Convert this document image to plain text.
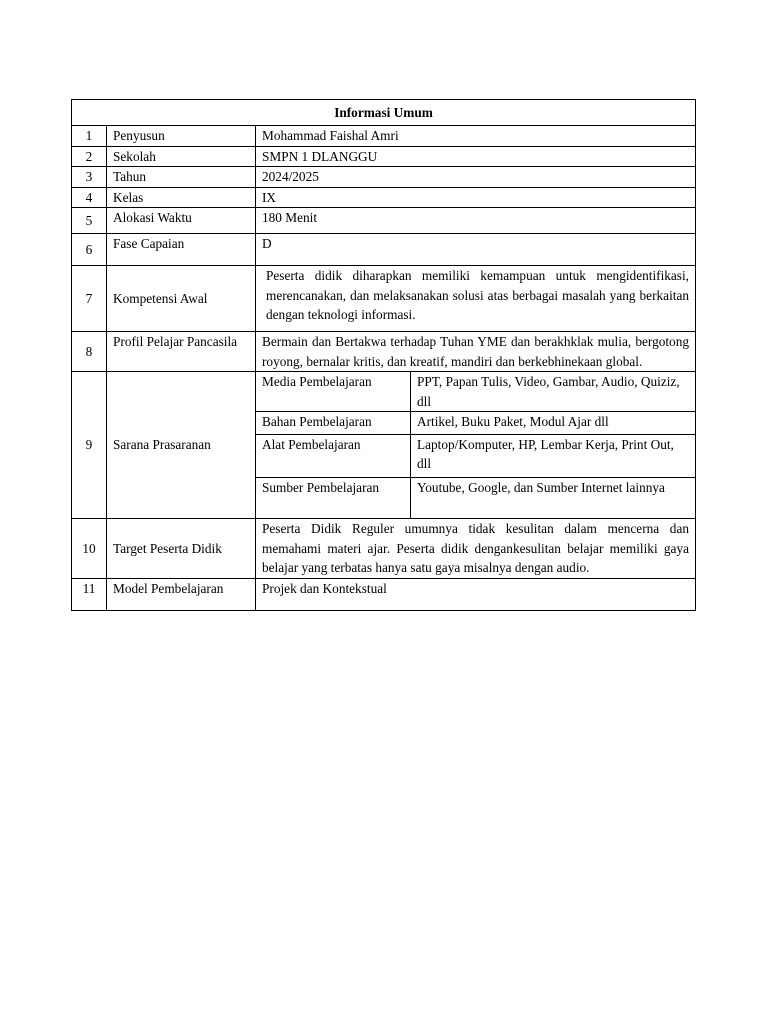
Informasi Umum
1	Penyusun	Mohammad Faishal Amri
2	Sekolah	SMPN 1 DLANGGU
3	Tahun	2024/2025
4	Kelas	IX
5	Alokasi Waktu	180 Menit
6	Fase Capaian	D
7	Kompetensi Awal	Peserta didik diharapkan memiliki kemampuan untuk mengidentifikasi, merencanakan, dan melaksanakan solusi atas berbagai masalah yang berkaitan dengan teknologi informasi.
8	Profil Pelajar Pancasila	Bermain dan Bertakwa terhadap Tuhan YME dan berakhklak mulia, bergotong royong, bernalar kritis, dan kreatif, mandiri dan berkebhinekaan global.
9	Sarana Prasaranan	
Media Pembelajaran	PPT, Papan Tulis, Video, Gambar, Audio, Quiziz, dll
Bahan Pembelajaran	Artikel, Buku Paket, Modul Ajar dll
Alat Pembelajaran	Laptop/Komputer, HP, Lembar Kerja, Print Out, dll
Sumber Pembelajaran	Youtube, Google, dan Sumber Internet lainnya

10	Target Peserta Didik	Peserta Didik Reguler umumnya tidak kesulitan dalam mencerna dan memahami materi ajar. Peserta didik dengankesulitan belajar memiliki gaya belajar yang terbatas hanya satu gaya misalnya dengan audio.
11	Model Pembelajaran	Projek dan Kontekstual
